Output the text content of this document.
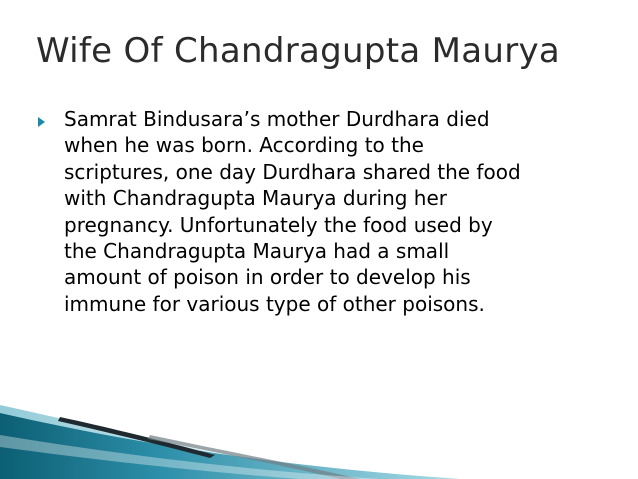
Wife Of Chandragupta Maurya

Samrat Bindusara’s mother Durdhara died
when he was born. According to the
scriptures, one day Durdhara shared the food
with Chandragupta Maurya during her
pregnancy. Unfortunately the food used by
the Chandragupta Maurya had a small
amount of poison in order to develop his
immune for various type of other poisons.
